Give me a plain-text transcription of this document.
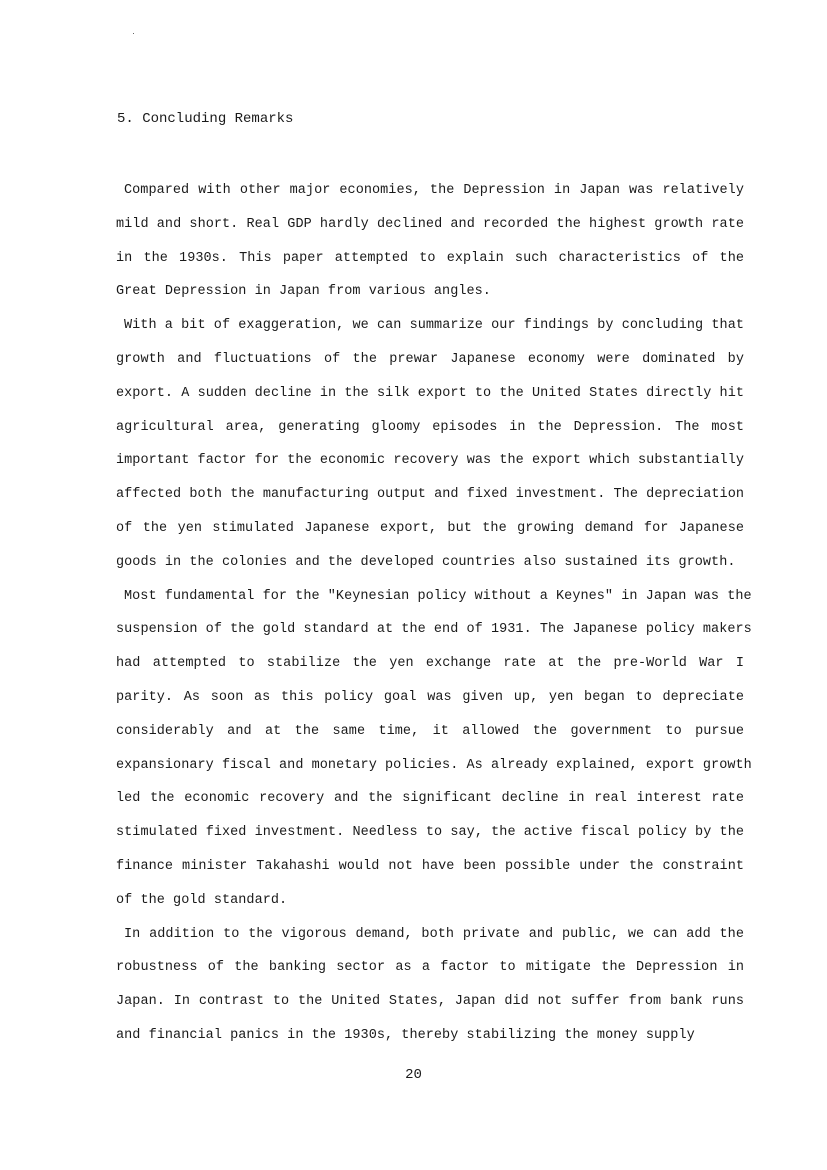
5. Concluding Remarks
Compared with other major economies, the Depression in Japan was relatively
mild and short. Real GDP hardly declined and recorded the highest growth rate
in the 1930s. This paper attempted to explain such characteristics of the
Great Depression in Japan from various angles.
With a bit of exaggeration, we can summarize our findings by concluding that
growth and fluctuations of the prewar Japanese economy were dominated by
export. A sudden decline in the silk export to the United States directly hit
agricultural area, generating gloomy episodes in the Depression. The most
important factor for the economic recovery was the export which substantially
affected both the manufacturing output and fixed investment. The depreciation
of the yen stimulated Japanese export, but the growing demand for Japanese
goods in the colonies and the developed countries also sustained its growth.
Most fundamental for the "Keynesian policy without a Keynes" in Japan was the
suspension of the gold standard at the end of 1931. The Japanese policy makers
had attempted to stabilize the yen exchange rate at the pre-World War I
parity. As soon as this policy goal was given up, yen began to depreciate
considerably and at the same time, it allowed the government to pursue
expansionary fiscal and monetary policies. As already explained, export growth
led the economic recovery and the significant decline in real interest rate
stimulated fixed investment. Needless to say, the active fiscal policy by the
finance minister Takahashi would not have been possible under the constraint
of the gold standard.
In addition to the vigorous demand, both private and public, we can add the
robustness of the banking sector as a factor to mitigate the Depression in
Japan. In contrast to the United States, Japan did not suffer from bank runs
and financial panics in the 1930s, thereby stabilizing the money supply
20
